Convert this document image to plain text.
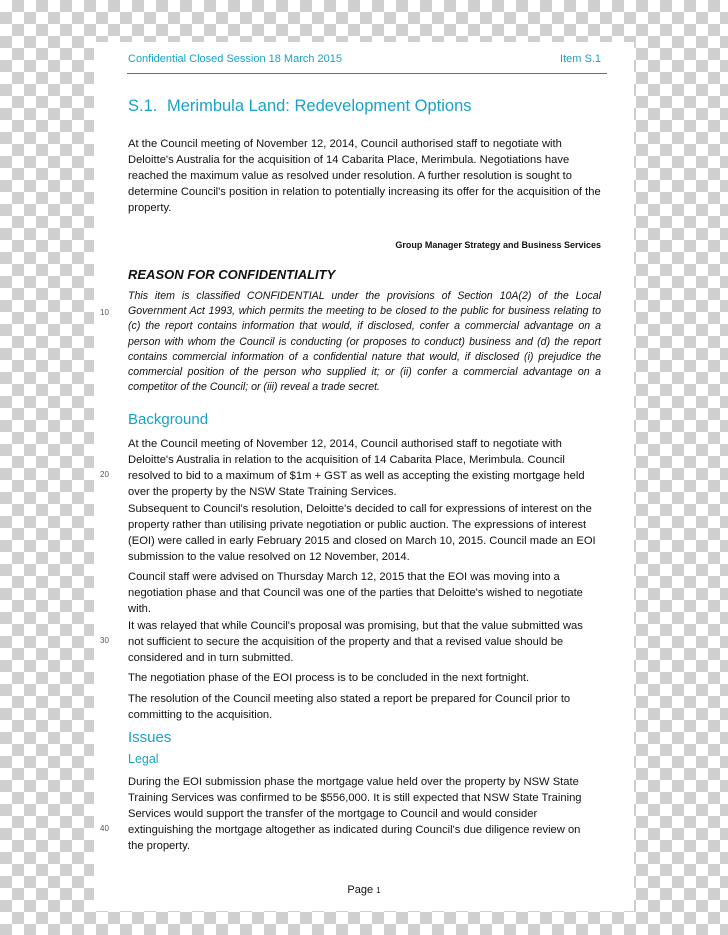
Confidential Closed Session 18 March 2015	Item S.1
S.1. Merimbula Land: Redevelopment Options

At the Council meeting of November 12, 2014, Council authorised staff to negotiate with Deloitte's Australia for the acquisition of 14 Cabarita Place, Merimbula. Negotiations have reached the maximum value as resolved under resolution. A further resolution is sought to determine Council's position in relation to potentially increasing its offer for the acquisition of the property.

Group Manager Strategy and Business Services
REASON FOR CONFIDENTIALITY

This item is classified CONFIDENTIAL under the provisions of Section 10A(2) of the Local Government Act 1993, which permits the meeting to be closed to the public for business relating to (c) the report contains information that would, if disclosed, confer a commercial advantage on a person with whom the Council is conducting (or proposes to conduct) business and (d) the report contains commercial information of a confidential nature that would, if disclosed (i) prejudice the commercial position of the person who supplied it; or (ii) confer a commercial advantage on a competitor of the Council; or (iii) reveal a trade secret.

Background

At the Council meeting of November 12, 2014, Council authorised staff to negotiate with Deloitte's Australia in relation to the acquisition of 14 Cabarita Place, Merimbula. Council resolved to bid to a maximum of $1m + GST as well as accepting the existing mortgage held over the property by the NSW State Training Services.

Subsequent to Council's resolution, Deloitte's decided to call for expressions of interest on the property rather than utilising private negotiation or public auction. The expressions of interest (EOI) were called in early February 2015 and closed on March 10, 2015. Council made an EOI submission to the value resolved on 12 November, 2014.

Council staff were advised on Thursday March 12, 2015 that the EOI was moving into a negotiation phase and that Council was one of the parties that Deloitte's wished to negotiate with.

It was relayed that while Council's proposal was promising, but that the value submitted was not sufficient to secure the acquisition of the property and that a revised value should be considered and in turn submitted.

The negotiation phase of the EOI process is to be concluded in the next fortnight.

The resolution of the Council meeting also stated a report be prepared for Council prior to committing to the acquisition.

Issues
Legal

During the EOI submission phase the mortgage value held over the property by NSW State Training Services was confirmed to be $556,000. It is still expected that NSW State Training Services would support the transfer of the mortgage to Council and would consider extinguishing the mortgage altogether as indicated during Council's due diligence review on the property.

10
20
30
40
Page 1
